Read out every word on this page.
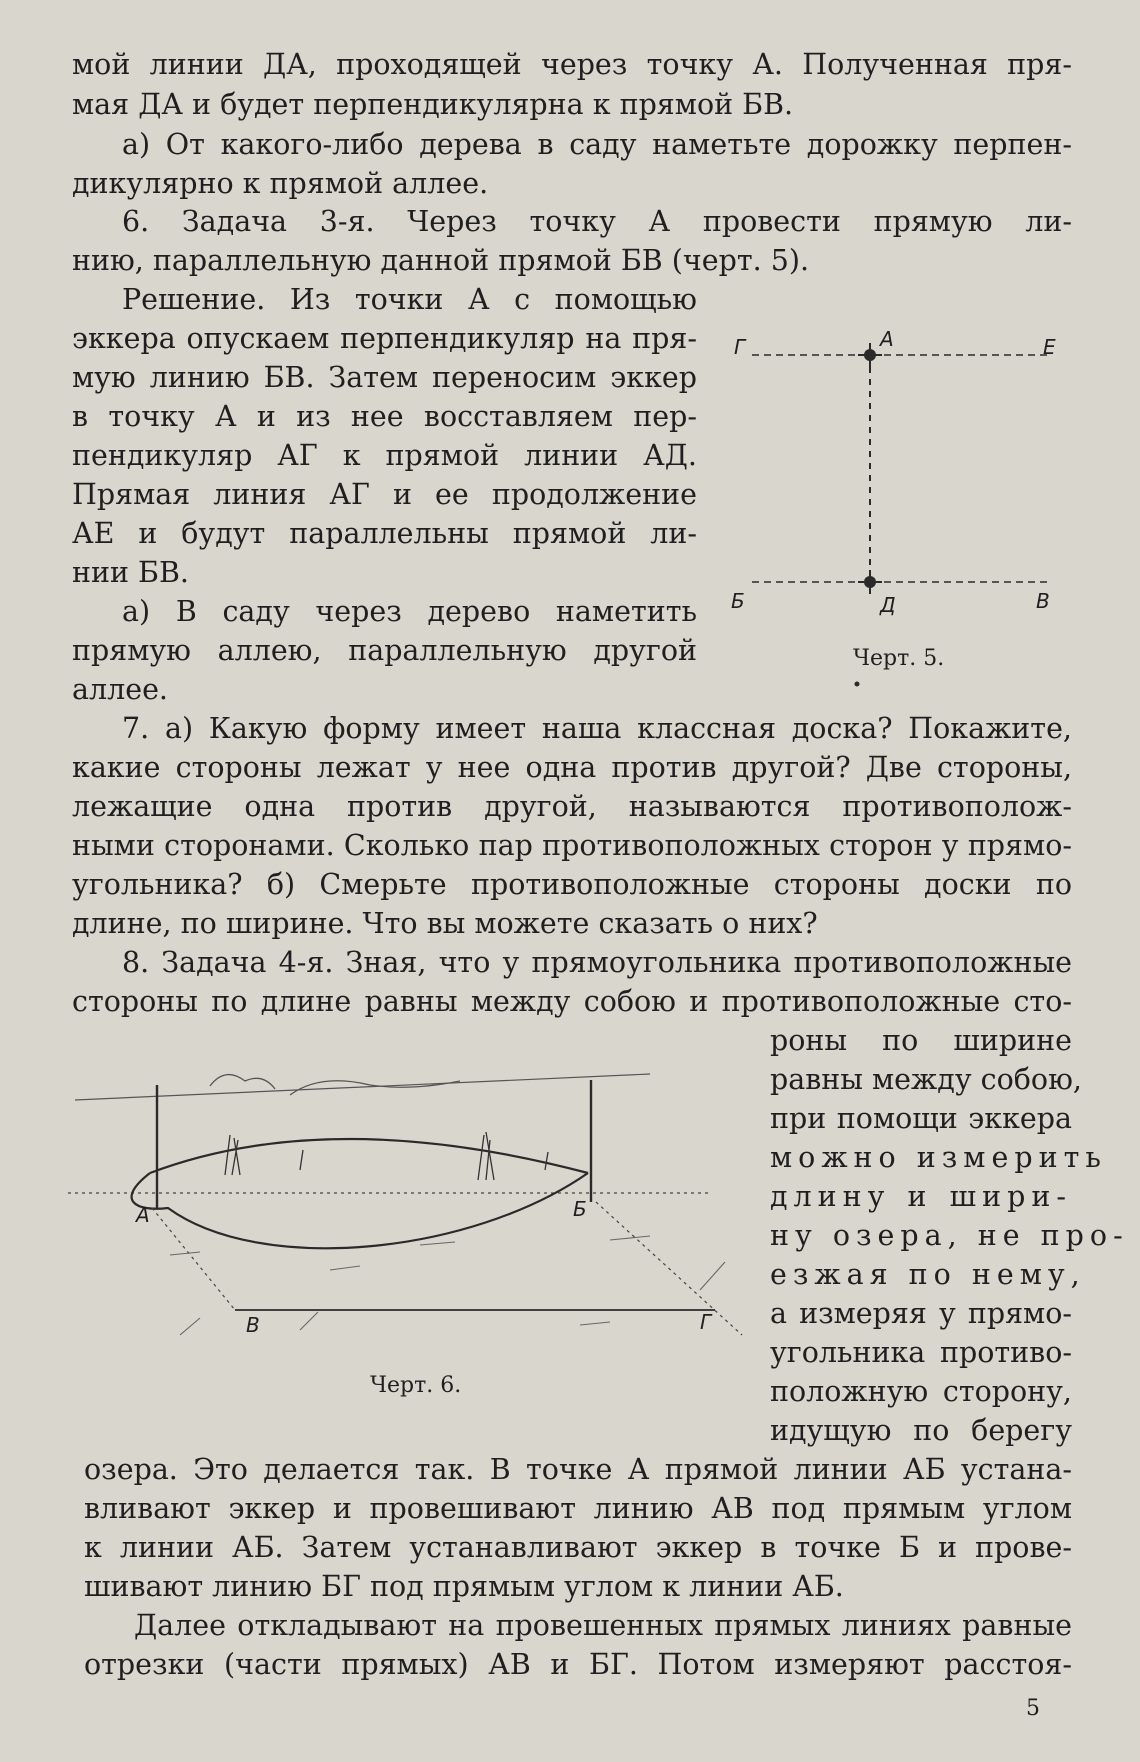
мой линии ДА, проходящей через точку А. Полученная пря-
мая ДА и будет перпендикулярна к прямой БВ.
а) От какого-либо дерева в саду наметьте дорожку перпен-
дикулярно к прямой аллее.
6. Задача 3-я. Через точку А провести прямую ли-
нию, параллельную данной прямой БВ (черт. 5).
Решение. Из точки А с помощью
эккера опускаем перпендикуляр на пря-
мую линию БВ. Затем переносим эккер
в точку А и из нее восставляем пер-
пендикуляр АГ к прямой линии АД.
Прямая линия АГ и ее продолжение
АЕ и будут параллельны прямой ли-
нии БВ.
а) В саду через дерево наметить
прямую аллею, параллельную другой
аллее.
7. а) Какую форму имеет наша классная доска? Покажите,
какие стороны лежат у нее одна против другой? Две стороны,
лежащие одна против другой, называются противополож-
ными сторонами. Сколько пар противоположных сторон у прямо-
угольника? б) Смерьте противоположные стороны доски по
длине, по ширине. Что вы можете сказать о них?
8. Задача 4-я. Зная, что у прямоугольника противоположные
стороны по длине равны между собою и противоположные сто-
роны по ширине
равны между собою,
при помощи эккера
можно измерить
длину и шири-
ну озера, не про-
езжая по нему,
а измеряя у прямо-
угольника противо-
положную сторону,
идущую по берегу
озера. Это делается так. В точке А прямой линии АБ устана-
вливают эккер и провешивают линию АВ под прямым углом
к линии АБ. Затем устанавливают эккер в точке Б и прове-
шивают линию БГ под прямым углом к линии АБ.
Далее откладывают на провешенных прямых линиях равные
отрезки (части прямых) АВ и БГ. Потом измеряют расстоя-
Г	А	Е
Б	Д	В
Черт. 5.
А	Б
В	Г
Черт. 6.
5
